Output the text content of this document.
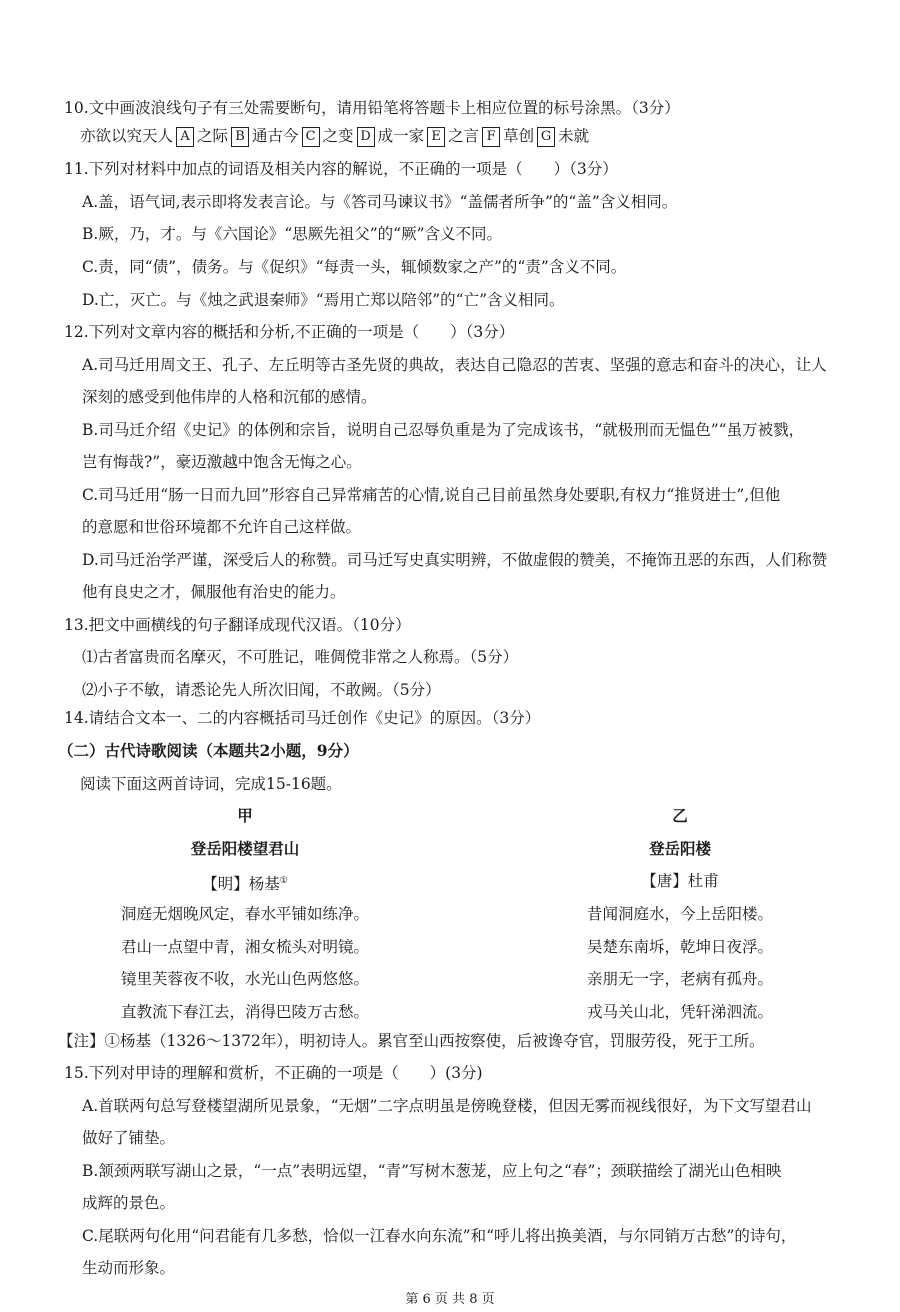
10.文中画波浪线句子有三处需要断句，请用铅笔将答题卡上相应位置的标号涂黑。（3分）
亦欲以究天人 A 之际 B 通古今 C 之变 D 成一家 E 之言 F 草创 G 未就
11.下列对材料中加点的词语及相关内容的解说，不正确的一项是（　　）（3分）
A.盖，语气词,表示即将发表言论。与《答司马谏议书》“盖儒者所争”的“盖”含义相同。
B.厥，乃，才。与《六国论》“思厥先祖父”的“厥”含义不同。
C.责，同“债”，债务。与《促织》“每责一头，辄倾数家之产”的“责”含义不同。
D.亡，灭亡。与《烛之武退秦师》“焉用亡郑以陪邻”的“亡”含义相同。
12.下列对文章内容的概括和分析,不正确的一项是（　　）（3分）
A.司马迁用周文王、孔子、左丘明等古圣先贤的典故，表达自己隐忍的苦衷、坚强的意志和奋斗的决心，让人
深刻的感受到他伟岸的人格和沉郁的感情。
B.司马迁介绍《史记》的体例和宗旨，说明自己忍辱负重是为了完成该书，“就极刑而无愠色”“虽万被戮，
岂有悔哉?”，豪迈激越中饱含无悔之心。
C.司马迁用“肠一日而九回”形容自己异常痛苦的心情,说自己目前虽然身处要职,有权力“推贤进士”,但他
的意愿和世俗环境都不允许自己这样做。
D.司马迁治学严谨，深受后人的称赞。司马迁写史真实明辨，不做虚假的赞美，不掩饰丑恶的东西，人们称赞
他有良史之才，佩服他有治史的能力。
13.把文中画横线的句子翻译成现代汉语。（10分）
⑴古者富贵而名摩灭，不可胜记，唯倜傥非常之人称焉。（5分）
⑵小子不敏，请悉论先人所次旧闻，不敢阙。（5分）
14.请结合文本一、二的内容概括司马迁创作《史记》的原因。（3分）
（二）古代诗歌阅读（本题共2小题，9分）
阅读下面这两首诗词，完成15-16题。
甲
登岳阳楼望君山
【明】杨基①
洞庭无烟晚风定，春水平铺如练净。
君山一点望中青，湘女梳头对明镜。
镜里芙蓉夜不收，水光山色两悠悠。
直教流下春江去，消得巴陵万古愁。
乙
登岳阳楼
【唐】杜甫
昔闻洞庭水，今上岳阳楼。
吴楚东南坼，乾坤日夜浮。
亲朋无一字，老病有孤舟。
戎马关山北，凭轩涕泗流。
【注】①杨基（1326～1372年），明初诗人。累官至山西按察使，后被谗夺官，罚服劳役，死于工所。
15.下列对甲诗的理解和赏析，不正确的一项是（　　）(3分)
A.首联两句总写登楼望湖所见景象，“无烟”二字点明虽是傍晚登楼，但因无雾而视线很好，为下文写望君山
做好了铺垫。
B.颔颈两联写湖山之景，“一点”表明远望，“青”写树木葱茏，应上句之“春”；颈联描绘了湖光山色相映
成辉的景色。
C.尾联两句化用“问君能有几多愁，恰似一江春水向东流”和“呼儿将出换美酒，与尔同销万古愁”的诗句，
生动而形象。
第 6 页 共 8 页
